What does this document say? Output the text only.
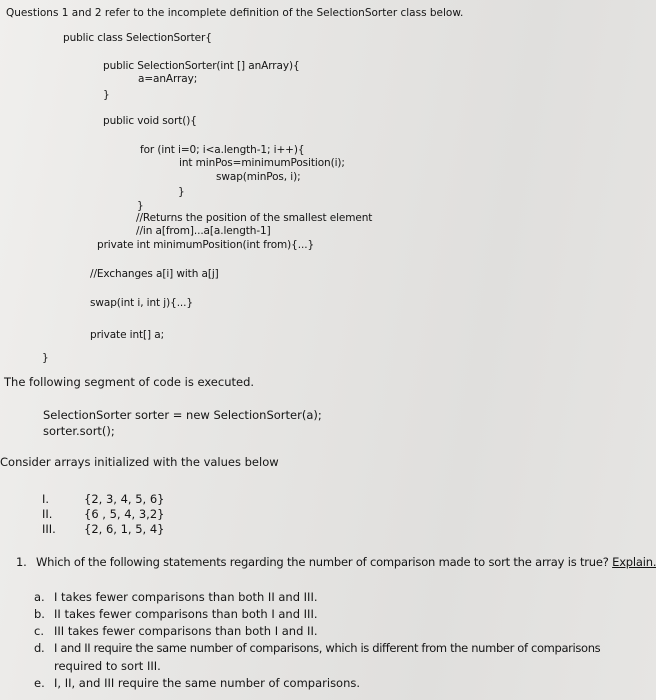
Questions 1 and 2 refer to the incomplete definition of the SelectionSorter class below.
public class SelectionSorter{
public SelectionSorter(int [] anArray){
a=anArray;
}
public void sort(){
for (int i=0; i<a.length-1; i++){
int minPos=minimumPosition(i);
swap(minPos, i);
}
}
//Returns the position of the smallest element
//in a[from]...a[a.length-1]
private int minimumPosition(int from){...}
//Exchanges a[i] with a[j]
swap(int i, int j){...}
private int[] a;
}
The following segment of code is executed.
SelectionSorter sorter = new SelectionSorter(a);
sorter.sort();
Consider arrays initialized with the values below
I.	{2, 3, 4, 5, 6}
II.	{6 , 5, 4, 3,2}
III. {2, 6, 1, 5, 4}
1. Which of the following statements regarding the number of comparison made to sort the array is true? Explain.
a. I takes fewer comparisons than both II and III.
b. II takes fewer comparisons than both I and III.
c. III takes fewer comparisons than both I and II.
d. I and II require the same number of comparisons, which is different from the number of comparisons
required to sort III.
e. I, II, and III require the same number of comparisons.
